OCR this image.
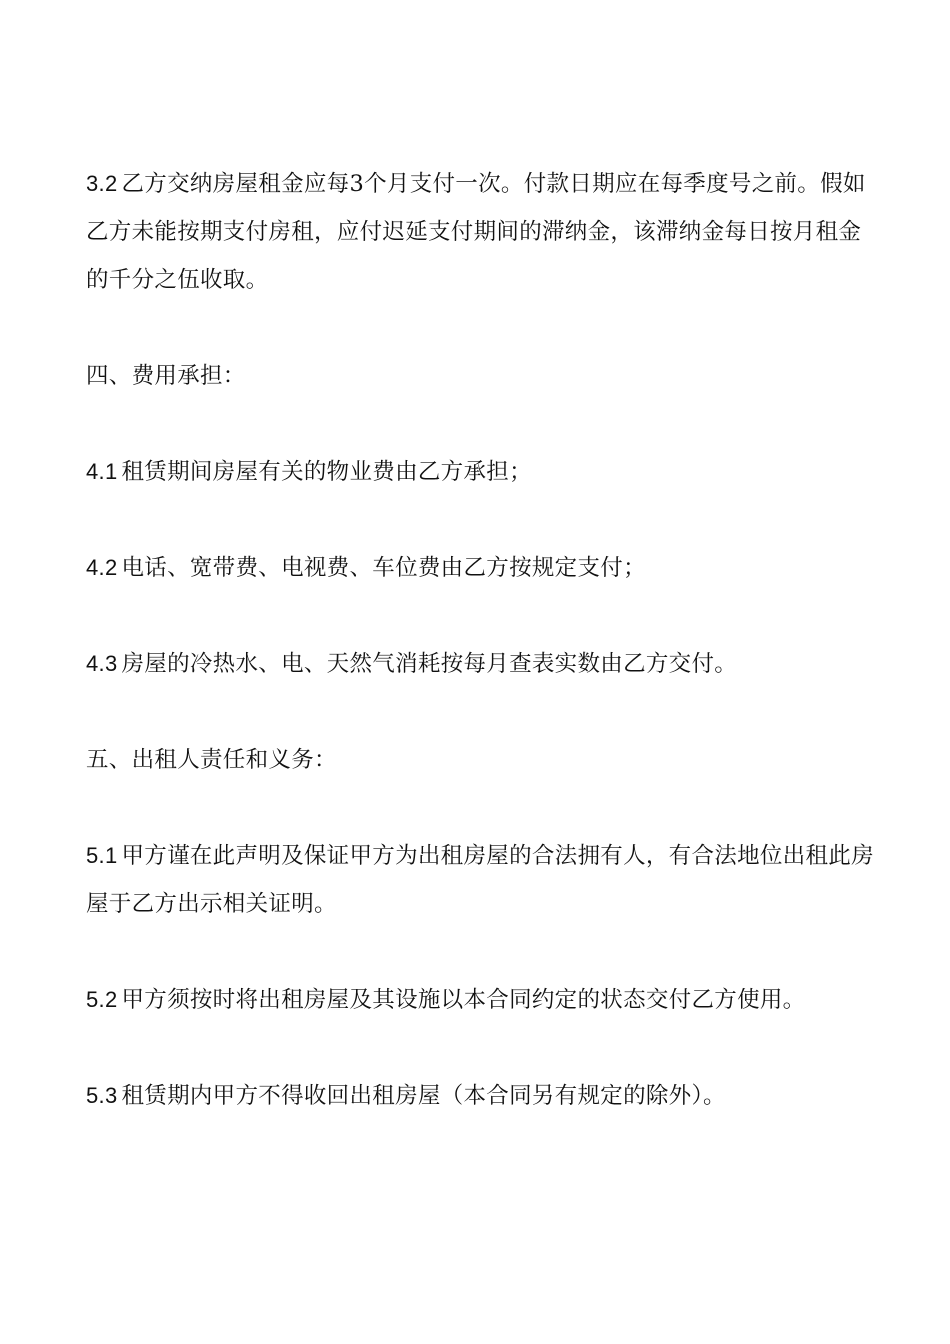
3.2 乙方交纳房屋租金应每3个月支付一次。付款日期应在每季度号之前。假如乙方未能按期支付房租，应付迟延支付期间的滞纳金，该滞纳金每日按月租金的千分之伍收取。

四、费用承担：

4.1 租赁期间房屋有关的物业费由乙方承担；

4.2 电话、宽带费、电视费、车位费由乙方按规定支付；

4.3 房屋的冷热水、电、天然气消耗按每月查表实数由乙方交付。

五、出租人责任和义务：

5.1 甲方谨在此声明及保证甲方为出租房屋的合法拥有人，有合法地位出租此房屋于乙方出示相关证明。

5.2 甲方须按时将出租房屋及其设施以本合同约定的状态交付乙方使用。

5.3 租赁期内甲方不得收回出租房屋（本合同另有规定的除外）。
